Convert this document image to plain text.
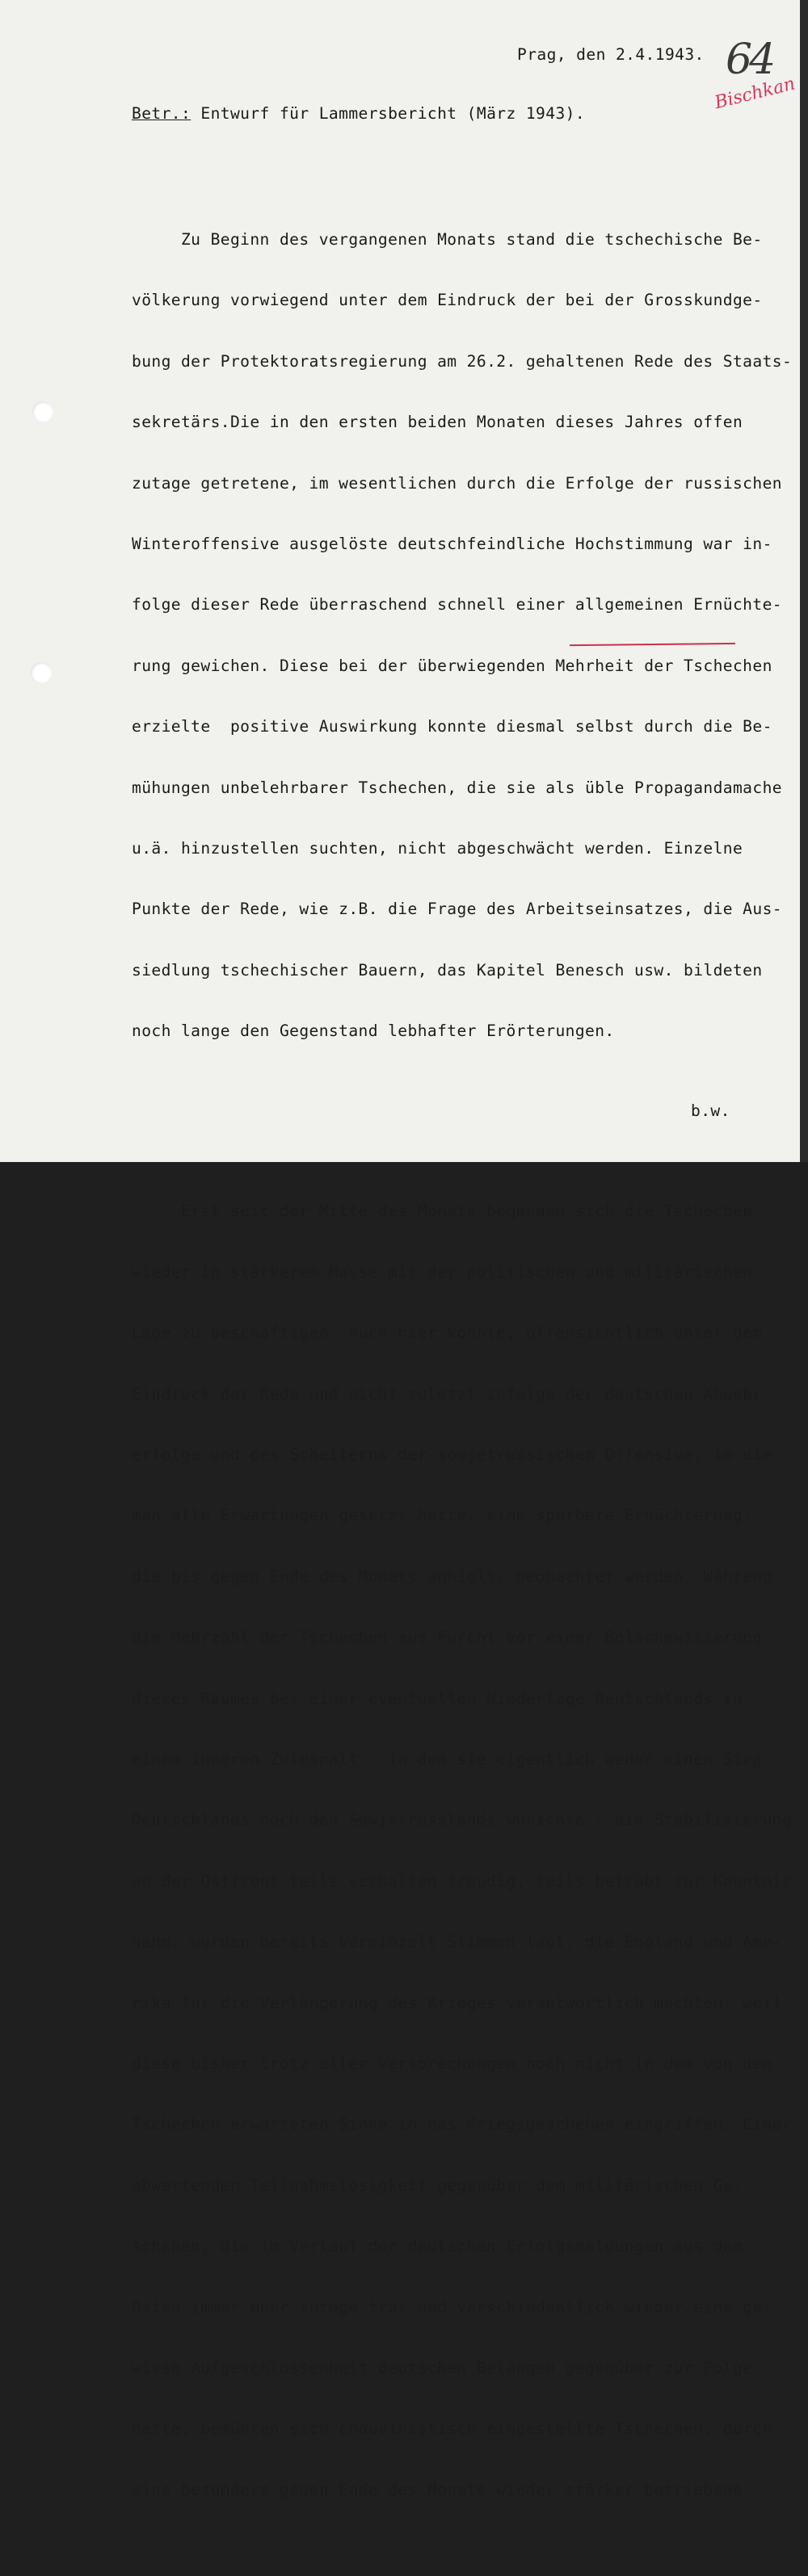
Prag, den 2.4.1943. 64
Bischkan
Betr.: Entwurf für Lammersbericht (März 1943).

Zu Beginn des vergangenen Monats stand die tschechische Be-

völkerung vorwiegend unter dem Eindruck der bei der Grosskundge-

bung der Protektoratsregierung am 26.2. gehaltenen Rede des Staats-

sekretärs.Die in den ersten beiden Monaten dieses Jahres offen

zutage getretene, im wesentlichen durch die Erfolge der russischen

Winteroffensive ausgelöste deutschfeindliche Hochstimmung war in-

folge dieser Rede überraschend schnell einer allgemeinen Ernüchte-

rung gewichen. Diese bei der überwiegenden Mehrheit der Tschechen

erzielte  positive Auswirkung konnte diesmal selbst durch die Be-

mühungen unbelehrbarer Tschechen, die sie als üble Propagandamache

u.ä. hinzustellen suchten, nicht abgeschwächt werden. Einzelne

Punkte der Rede, wie z.B. die Frage des Arbeitseinsatzes, die Aus-

siedlung tschechischer Bauern, das Kapitel Benesch usw. bildeten

noch lange den Gegenstand lebhafter Erörterungen.

Erst seit der Mitte des Monats begannen sich die Tschechen

wieder in stärkerem Masse mit der politischen und militärischen

Lage zu beschäftigen. Auch hier konnte, offensichtlich unter dem

Eindruck der Rede und nicht zuletzt infolge der deutschen Abwehr-

erfolge und des Scheiterns der sowjetrussischen Offensive, in die

man alle Erwartungen gesetzt hatte, eine spürbare Ernüchterung,

die bis gegen Ende des Monats anhielt, beobachtet werden. Während

die Mehrzahl der Tschechen aus Furcht vor einer Bolschewisierung

dieses Raumes bei einer eventuellen Niederlage Deutschlands in

einem inneren Zwiespalt - in dem sie eigentlich weder einen Sieg

Deutschlands noch den Sowjetrusslands wünschte - die Stabilisierung

an der Ostfront teils verhalten freudig, teils betrübt zur Kenntnis

nahm, wurden bereits vereinzelt Stimmen laut, die England und Ame-

rika für die Verlängerung des Krieges verantwortlich machten, weil

diese bisher trotz aller Versprechungen noch nicht in dem von den

Tschechen erwarteten Sinne in das Kriegsgeschehen eingriffen. Einer

abwartenden Teilnahmslosigkeit gegenüber dem militärischen Ge-

schehen, die im Verlauf der deutschen Erfolgsmeldungen aus dem

Osten immer mehr zutage trat und verschiedentlich wieder eine ge-

wisse Aufgeschlossenheit deutschen Belangen gegenüber zur Folge

hatte, bemühten sich chauvinistisch eingestellte Tschechen, durch

eine besonders gegen Ende des Monats wieder stärker betriebene

b.w.
